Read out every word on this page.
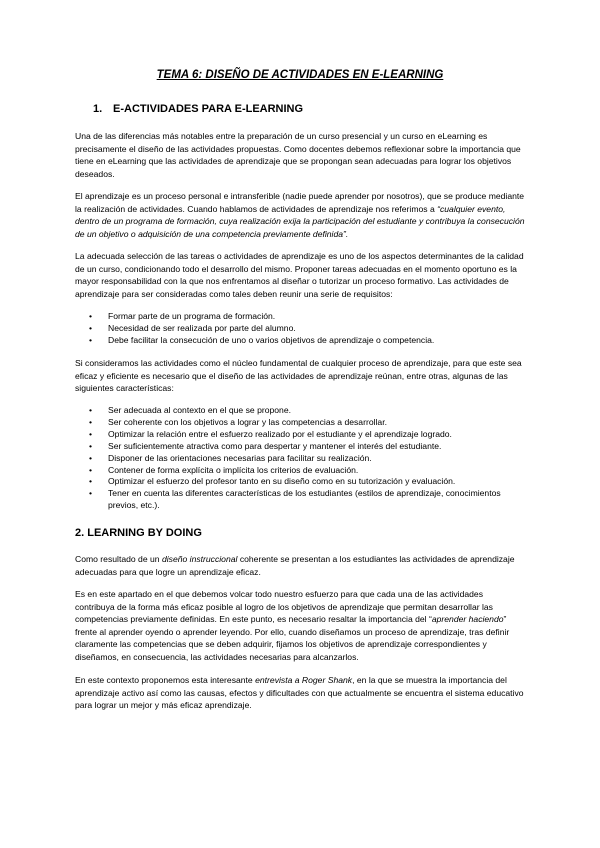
TEMA 6: DISEÑO DE ACTIVIDADES EN E-LEARNING
1. E-ACTIVIDADES PARA E-LEARNING

Una de las diferencias más notables entre la preparación de un curso presencial y un curso en eLearning es precisamente el diseño de las actividades propuestas. Como docentes debemos reflexionar sobre la importancia que tiene en eLearning que las actividades de aprendizaje que se propongan sean adecuadas para lograr los objetivos deseados.

El aprendizaje es un proceso personal e intransferible (nadie puede aprender por nosotros), que se produce mediante la realización de actividades. Cuando hablamos de actividades de aprendizaje nos referimos a “cualquier evento, dentro de un programa de formación, cuya realización exija la participación del estudiante y contribuya la consecución de un objetivo o adquisición de una competencia previamente definida”.

La adecuada selección de las tareas o actividades de aprendizaje es uno de los aspectos determinantes de la calidad de un curso, condicionando todo el desarrollo del mismo. Proponer tareas adecuadas en el momento oportuno es la mayor responsabilidad con la que nos enfrentamos al diseñar o tutorizar un proceso formativo. Las actividades de aprendizaje para ser consideradas como tales deben reunir una serie de requisitos:

• Formar parte de un programa de formación.
• Necesidad de ser realizada por parte del alumno.
• Debe facilitar la consecución de uno o varios objetivos de aprendizaje o competencia.

Si consideramos las actividades como el núcleo fundamental de cualquier proceso de aprendizaje, para que este sea eficaz y eficiente es necesario que el diseño de las actividades de aprendizaje reúnan, entre otras, algunas de las siguientes características:

• Ser adecuada al contexto en el que se propone.
• Ser coherente con los objetivos a lograr y las competencias a desarrollar.
• Optimizar la relación entre el esfuerzo realizado por el estudiante y el aprendizaje logrado.
• Ser suficientemente atractiva como para despertar y mantener el interés del estudiante.
• Disponer de las orientaciones necesarias para facilitar su realización.
• Contener de forma explícita o implícita los criterios de evaluación.
• Optimizar el esfuerzo del profesor tanto en su diseño como en su tutorización y evaluación.
• Tener en cuenta las diferentes características de los estudiantes (estilos de aprendizaje, conocimientos previos, etc.).
2. LEARNING BY DOING

Como resultado de un diseño instruccional coherente se presentan a los estudiantes las actividades de aprendizaje adecuadas para que logre un aprendizaje eficaz.

Es en este apartado en el que debemos volcar todo nuestro esfuerzo para que cada una de las actividades contribuya de la forma más eficaz posible al logro de los objetivos de aprendizaje que permitan desarrollar las competencias previamente definidas. En este punto, es necesario resaltar la importancia del “aprender haciendo” frente al aprender oyendo o aprender leyendo. Por ello, cuando diseñamos un proceso de aprendizaje, tras definir claramente las competencias que se deben adquirir, fijamos los objetivos de aprendizaje correspondientes y diseñamos, en consecuencia, las actividades necesarias para alcanzarlos.

En este contexto proponemos esta interesante entrevista a Roger Shank, en la que se muestra la importancia del aprendizaje activo así como las causas, efectos y dificultades con que actualmente se encuentra el sistema educativo para lograr un mejor y más eficaz aprendizaje.
